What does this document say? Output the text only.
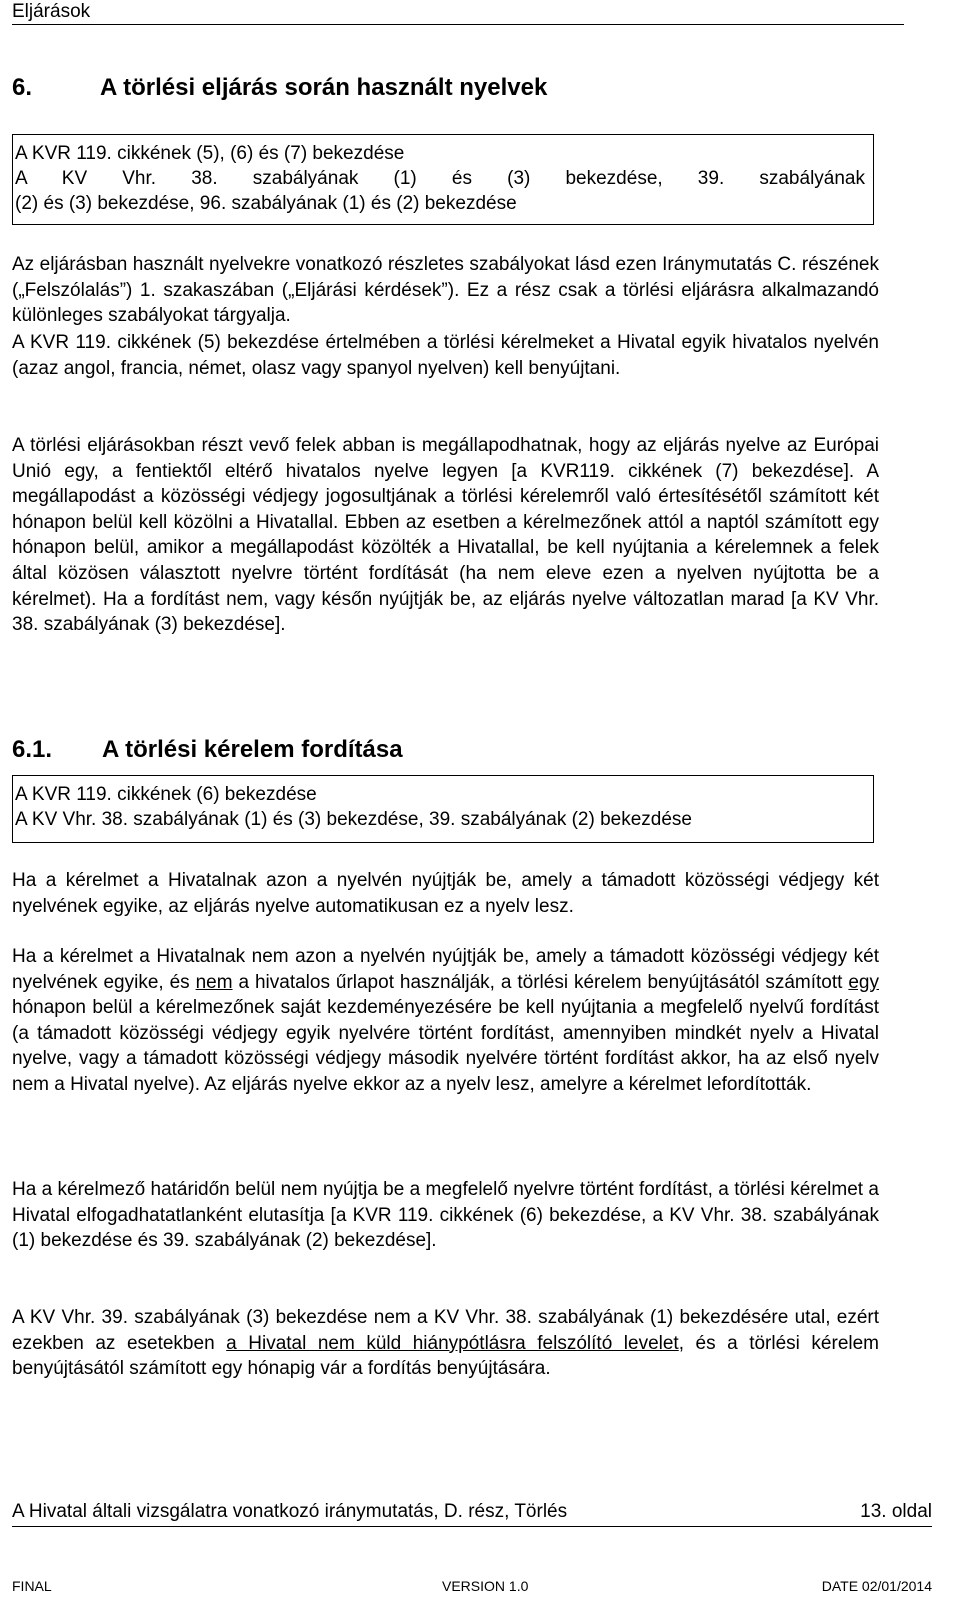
Eljárások
6.	A törlési eljárás során használt nyelvek
A KVR 119. cikkének (5), (6) és (7) bekezdése
A KV Vhr. 38. szabályának (1) és (3) bekezdése, 39. szabályának
(2) és (3) bekezdése, 96. szabályának (1) és (2) bekezdése
Az eljárásban használt nyelvekre vonatkozó részletes szabályokat lásd ezen Iránymutatás C. részének („Felszólalás”) 1. szakaszában („Eljárási kérdések”). Ez a rész csak a törlési eljárásra alkalmazandó különleges szabályokat tárgyalja.
A KVR 119. cikkének (5) bekezdése értelmében a törlési kérelmeket a Hivatal egyik hivatalos nyelvén (azaz angol, francia, német, olasz vagy spanyol nyelven) kell benyújtani.
A törlési eljárásokban részt vevő felek abban is megállapodhatnak, hogy az eljárás nyelve az Európai Unió egy, a fentiektől eltérő hivatalos nyelve legyen [a KVR119. cikkének (7) bekezdése]. A megállapodást a közösségi védjegy jogosultjának a törlési kérelemről való értesítésétől számított két hónapon belül kell közölni a Hivatallal. Ebben az esetben a kérelmezőnek attól a naptól számított egy hónapon belül, amikor a megállapodást közölték a Hivatallal, be kell nyújtania a kérelemnek a felek által közösen választott nyelvre történt fordítását (ha nem eleve ezen a nyelven nyújtotta be a kérelmet). Ha a fordítást nem, vagy későn nyújtják be, az eljárás nyelve változatlan marad [a KV Vhr. 38. szabályának (3) bekezdése].
6.1. A törlési kérelem fordítása
A KVR 119. cikkének (6) bekezdése
A KV Vhr. 38. szabályának (1) és (3) bekezdése, 39. szabályának (2) bekezdése
Ha a kérelmet a Hivatalnak azon a nyelvén nyújtják be, amely a támadott közösségi védjegy két nyelvének egyike, az eljárás nyelve automatikusan ez a nyelv lesz.
Ha a kérelmet a Hivatalnak nem azon a nyelvén nyújtják be, amely a támadott közösségi védjegy két nyelvének egyike, és nem a hivatalos űrlapot használják, a törlési kérelem benyújtásától számított egy hónapon belül a kérelmezőnek saját kezdeményezésére be kell nyújtania a megfelelő nyelvű fordítást (a támadott közösségi védjegy egyik nyelvére történt fordítást, amennyiben mindkét nyelv a Hivatal nyelve, vagy a támadott közösségi védjegy második nyelvére történt fordítást akkor, ha az első nyelv nem a Hivatal nyelve). Az eljárás nyelve ekkor az a nyelv lesz, amelyre a kérelmet lefordították.
Ha a kérelmező határidőn belül nem nyújtja be a megfelelő nyelvre történt fordítást, a törlési kérelmet a Hivatal elfogadhatatlanként elutasítja [a KVR 119. cikkének (6) bekezdése, a KV Vhr. 38. szabályának (1) bekezdése és 39. szabályának (2) bekezdése].
A KV Vhr. 39. szabályának (3) bekezdése nem a KV Vhr. 38. szabályának (1) bekezdésére utal, ezért ezekben az esetekben a Hivatal nem küld hiánypótlásra felszólító levelet, és a törlési kérelem benyújtásától számított egy hónapig vár a fordítás benyújtására.
A Hivatal általi vizsgálatra vonatkozó iránymutatás, D. rész, Törlés	13. oldal
FINAL	VERSION 1.0	DATE 02/01/2014
